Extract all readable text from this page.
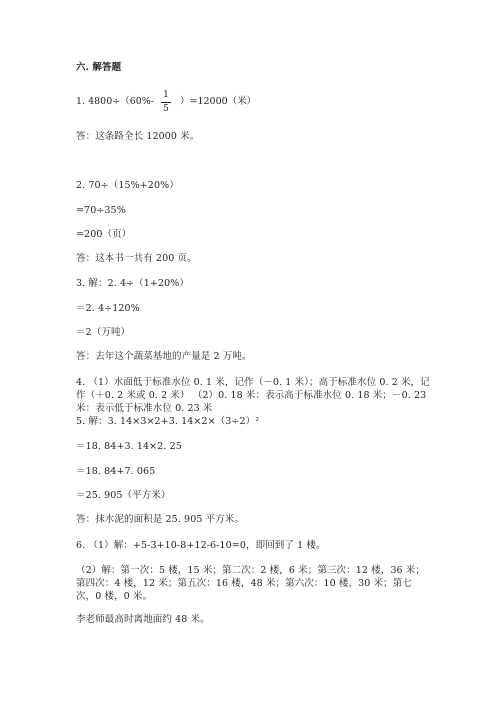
六. 解答题
1. 4800÷（60%-
1
5
）=12000（米）
答：这条路全长 12000 米。
2. 70÷（15%+20%）
=70÷35%
=200（页）
答：这本书一共有 200 页。
3. 解：2. 4÷（1+20%）
＝2. 4÷120%
＝2（万吨）
答：去年这个蔬菜基地的产量是 2 万吨。
4. （1）水面低于标准水位 0. 1 米，记作（－0. 1 米）；高于标准水位 0. 2 米，记
作（＋0. 2 米或 0. 2 米） （2）0. 18 米：表示高于标准水位 0. 18 米；－0. 23
米：表示低于标准水位 0. 23 米
5. 解：3. 14×3×2+3. 14×2×（3÷2）²
＝18. 84+3. 14×2. 25
＝18. 84+7. 065
＝25. 905（平方米）
答：抹水泥的面积是 25. 905 平方米。
6. （1）解：+5-3+10-8+12-6-10=0，即回到了 1 楼。
（2）解：第一次：5 楼，15 米；第二次：2 楼，6 米；第三次：12 楼，36 米；
第四次：4 楼，12 米；第五次：16 楼，48 米；第六次：10 楼，30 米；第七
次，0 楼，0 米。
李老师最高时离地面约 48 米。
